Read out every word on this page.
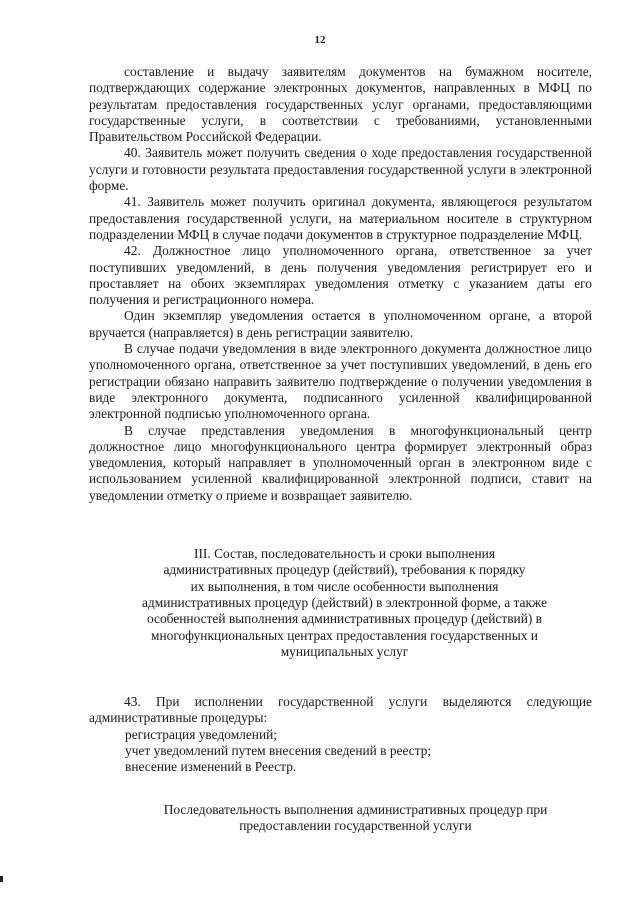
12

составление и выдачу заявителям документов на бумажном носителе, подтверждающих содержание электронных документов, направленных в МФЦ по результатам предоставления государственных услуг органами, предоставляющими государственные услуги, в соответствии с требованиями, установленными Правительством Российской Федерации.

40. Заявитель может получить сведения о ходе предоставления государственной услуги и готовности результата предоставления государственной услуги в электронной форме.

41. Заявитель может получить оригинал документа, являющегося результатом предоставления государственной услуги, на материальном носителе в структурном подразделении МФЦ в случае подачи документов в структурное подразделение МФЦ.

42. Должностное лицо уполномоченного органа, ответственное за учет поступивших уведомлений, в день получения уведомления регистрирует его и проставляет на обоих экземплярах уведомления отметку с указанием даты его получения и регистрационного номера.

Один экземпляр уведомления остается в уполномоченном органе, а второй вручается (направляется) в день регистрации заявителю.

В случае подачи уведомления в виде электронного документа должностное лицо уполномоченного органа, ответственное за учет поступивших уведомлений, в день его регистрации обязано направить заявителю подтверждение о получении уведомления в виде электронного документа, подписанного усиленной квалифицированной электронной подписью уполномоченного органа.

В случае представления уведомления в многофункциональный центр должностное лицо многофункционального центра формирует электронный образ уведомления, который направляет в уполномоченный орган в электронном виде с использованием усиленной квалифицированной электронной подписи, ставит на уведомлении отметку о приеме и возвращает заявителю.

III. Состав, последовательность и сроки выполнения
административных процедур (действий), требования к порядку
их выполнения, в том числе особенности выполнения
административных процедур (действий) в электронной форме, а также
особенностей выполнения административных процедур (действий) в
многофункциональных центрах предоставления государственных и
муниципальных услуг

43. При исполнении государственной услуги выделяются следующие административные процедуры:

регистрация уведомлений;

учет уведомлений путем внесения сведений в реестр;

внесение изменений в Реестр.

Последовательность выполнения административных процедур при
предоставлении государственной услуги
